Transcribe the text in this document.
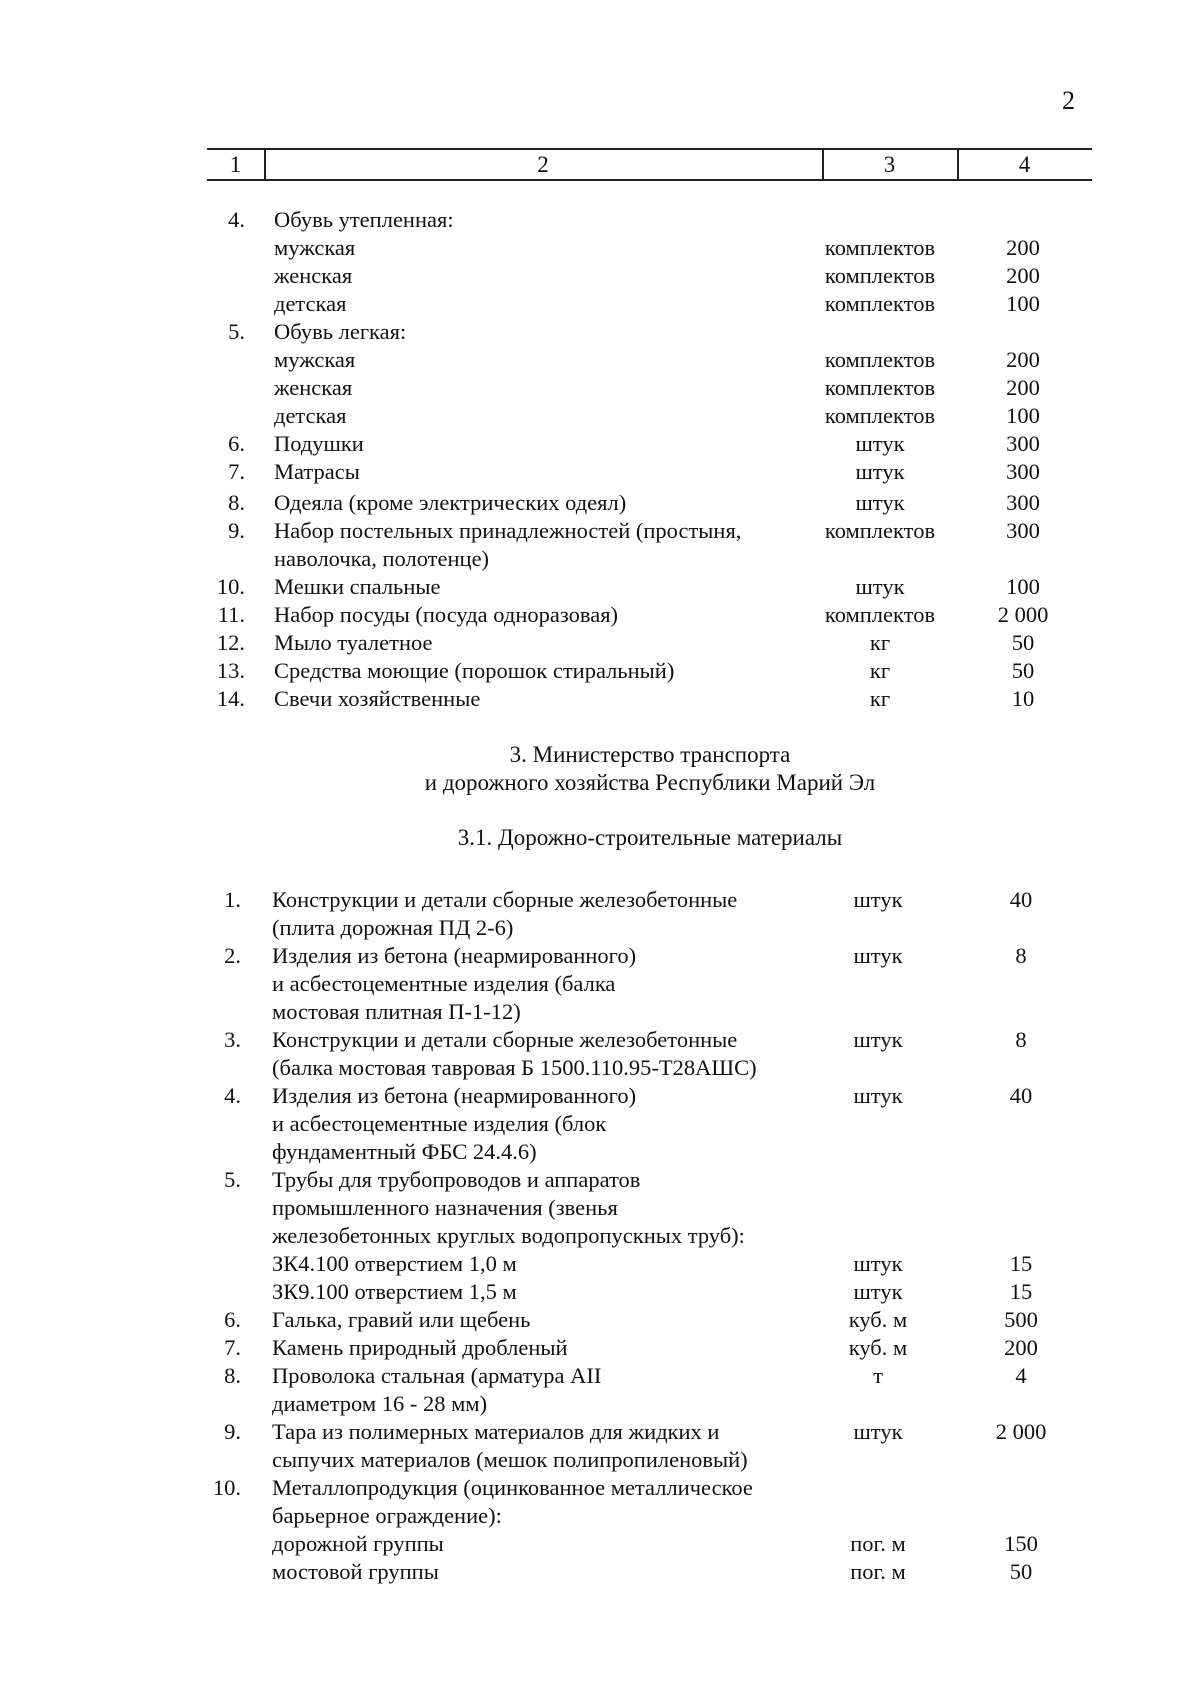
2
1	2	3	4
4. Обувь утепленная:
мужская	комплектов	200
женская	комплектов	200
детская	комплектов	100
5. Обувь легкая:
мужская	комплектов	200
женская	комплектов	200
детская	комплектов	100
6. Подушки	штук	300
7. Матрасы	штук	300
8. Одеяла (кроме электрических одеял)	штук	300
9. Набор постельных принадлежностей (простыня,	комплектов	300
наволочка, полотенце)
10. Мешки спальные	штук	100
11. Набор посуды (посуда одноразовая)	комплектов	2 000
12. Мыло туалетное	кг	50
13. Средства моющие (порошок стиральный)	кг	50
14. Свечи хозяйственные	кг	10
3. Министерство транспорта
и дорожного хозяйства Республики Марий Эл
3.1. Дорожно-строительные материалы
1. Конструкции и детали сборные железобетонные	штук	40
(плита дорожная ПД 2-6)
2. Изделия из бетона (неармированного)	штук	8
и асбестоцементные изделия (балка
мостовая плитная П-1-12)
3. Конструкции и детали сборные железобетонные	штук	8
(балка мостовая тавровая Б 1500.110.95-Т28АШС)
4. Изделия из бетона (неармированного)	штук	40
и асбестоцементные изделия (блок
фундаментный ФБС 24.4.6)
5. Трубы для трубопроводов и аппаратов
промышленного назначения (звенья
железобетонных круглых водопропускных труб):
ЗК4.100 отверстием 1,0 м	штук	15
ЗК9.100 отверстием 1,5 м	штук	15
6. Галька, гравий или щебень	куб. м	500
7. Камень природный дробленый	куб. м	200
8. Проволока стальная (арматура АII	т	4
диаметром 16 - 28 мм)
9. Тара из полимерных материалов для жидких и	штук	2 000
сыпучих материалов (мешок полипропиленовый)
10. Металлопродукция (оцинкованное металлическое
барьерное ограждение):
дорожной группы	пог. м	150
мостовой группы	пог. м	50
